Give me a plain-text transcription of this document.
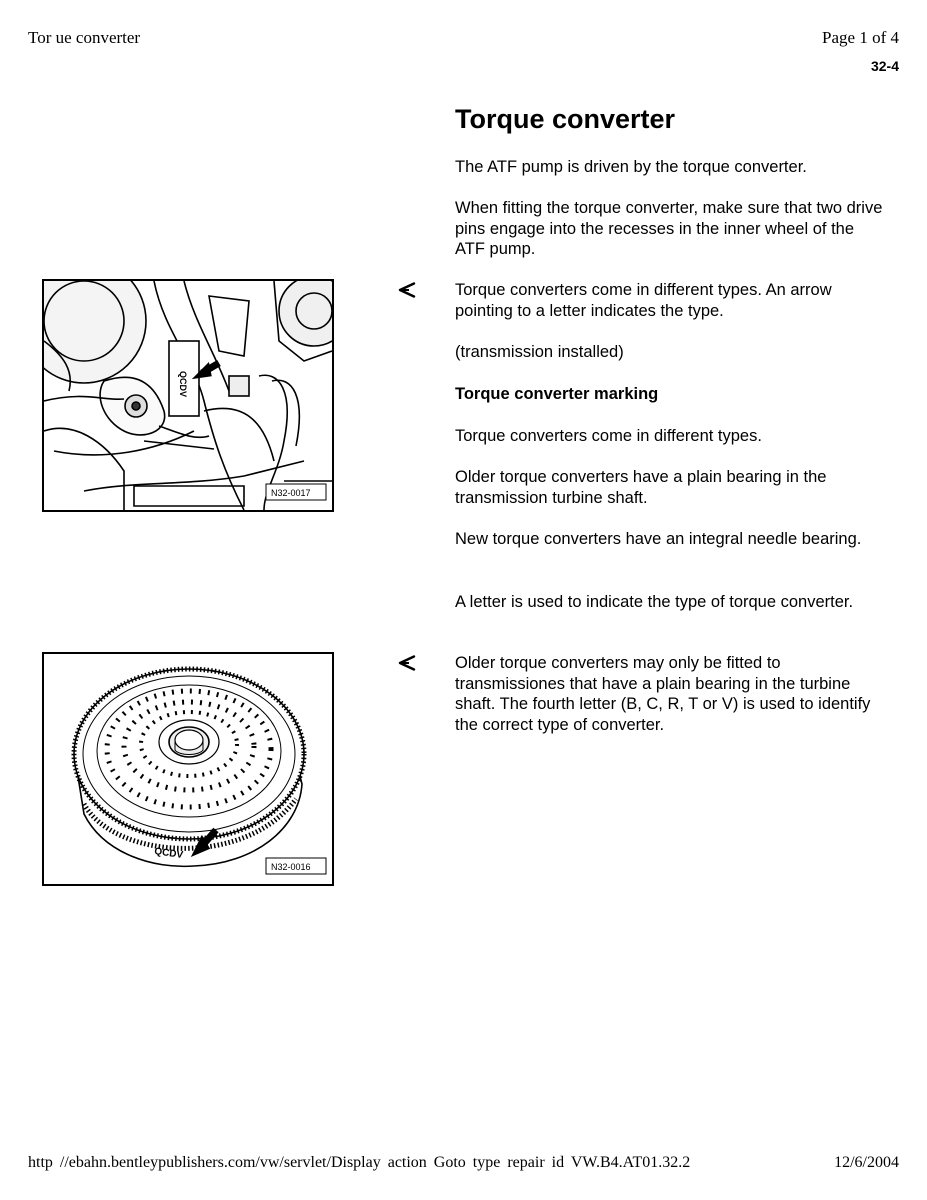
Tor ue converter	Page 1 of 4
32-4
Torque converter
The ATF pump is driven by the torque converter.
When fitting the torque converter, make sure that two drive pins engage into the recesses in the inner wheel of the ATF pump.
Torque converters come in different types. An arrow pointing to a letter indicates the type.
(transmission installed)
Torque converter marking
Torque converters come in different types.
Older torque converters have a plain bearing in the transmission turbine shaft.
New torque converters have an integral needle bearing.
A letter is used to indicate the type of torque converter.
Older torque converters may only be fitted to transmissiones that have a plain bearing in the turbine shaft. The fourth letter (B, C, R, T or V) is used to identify the correct type of converter.
QCDV
N32-0017
QCDV
N32-0016
http //ebahn.bentleypublishers.com/vw/servlet/Display action Goto type repair id VW.B4.AT01.32.2	12/6/2004
